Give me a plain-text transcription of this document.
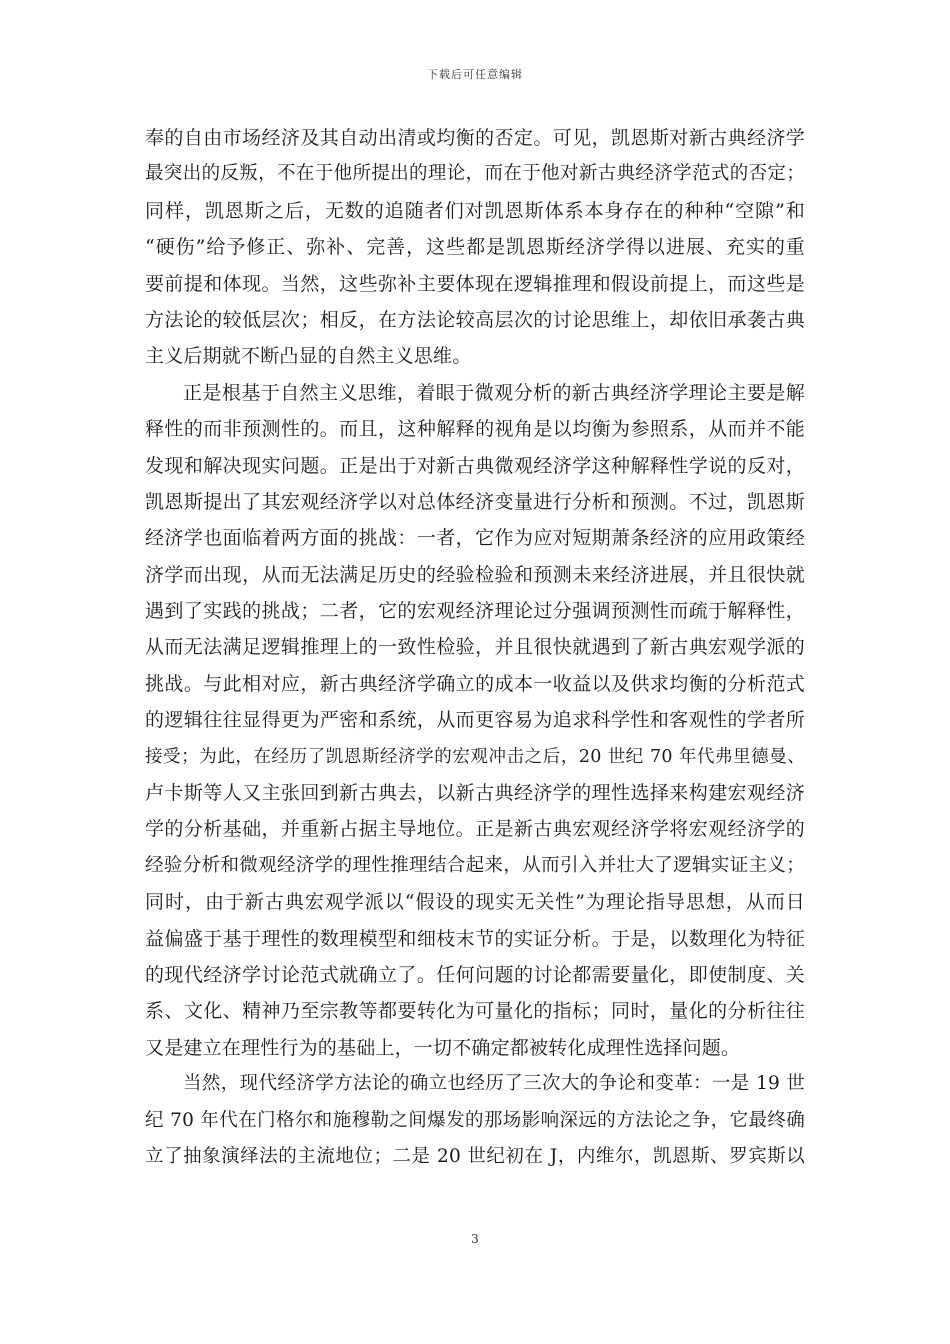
下载后可任意编辑
奉的自由市场经济及其自动出清或均衡的否定。可见，凯恩斯对新古典经济学
最突出的反叛，不在于他所提出的理论，而在于他对新古典经济学范式的否定；
同样，凯恩斯之后，无数的追随者们对凯恩斯体系本身存在的种种“空隙”和
“硬伤”给予修正、弥补、完善，这些都是凯恩斯经济学得以进展、充实的重
要前提和体现。当然，这些弥补主要体现在逻辑推理和假设前提上，而这些是
方法论的较低层次；相反，在方法论较高层次的讨论思维上，却依旧承袭古典
主义后期就不断凸显的自然主义思维。
正是根基于自然主义思维，着眼于微观分析的新古典经济学理论主要是解
释性的而非预测性的。而且，这种解释的视角是以均衡为参照系，从而并不能
发现和解决现实问题。正是出于对新古典微观经济学这种解释性学说的反对，
凯恩斯提出了其宏观经济学以对总体经济变量进行分析和预测。不过，凯恩斯
经济学也面临着两方面的挑战：一者，它作为应对短期萧条经济的应用政策经
济学而出现，从而无法满足历史的经验检验和预测未来经济进展，并且很快就
遇到了实践的挑战；二者，它的宏观经济理论过分强调预测性而疏于解释性，
从而无法满足逻辑推理上的一致性检验，并且很快就遇到了新古典宏观学派的
挑战。与此相对应，新古典经济学确立的成本一收益以及供求均衡的分析范式
的逻辑往往显得更为严密和系统，从而更容易为追求科学性和客观性的学者所
接受；为此，在经历了凯恩斯经济学的宏观冲击之后，20 世纪 70 年代弗里德曼、
卢卡斯等人又主张回到新古典去，以新古典经济学的理性选择来构建宏观经济
学的分析基础，并重新占据主导地位。正是新古典宏观经济学将宏观经济学的
经验分析和微观经济学的理性推理结合起来，从而引入并壮大了逻辑实证主义；
同时，由于新古典宏观学派以“假设的现实无关性”为理论指导思想，从而日
益偏盛于基于理性的数理模型和细枝末节的实证分析。于是，以数理化为特征
的现代经济学讨论范式就确立了。任何问题的讨论都需要量化，即使制度、关
系、文化、精神乃至宗教等都要转化为可量化的指标；同时，量化的分析往往
又是建立在理性行为的基础上，一切不确定都被转化成理性选择问题。
当然，现代经济学方法论的确立也经历了三次大的争论和变革：一是 19 世
纪 70 年代在门格尔和施穆勒之间爆发的那场影响深远的方法论之争，它最终确
立了抽象演绎法的主流地位；二是 20 世纪初在 J，内维尔，凯恩斯、罗宾斯以
3
